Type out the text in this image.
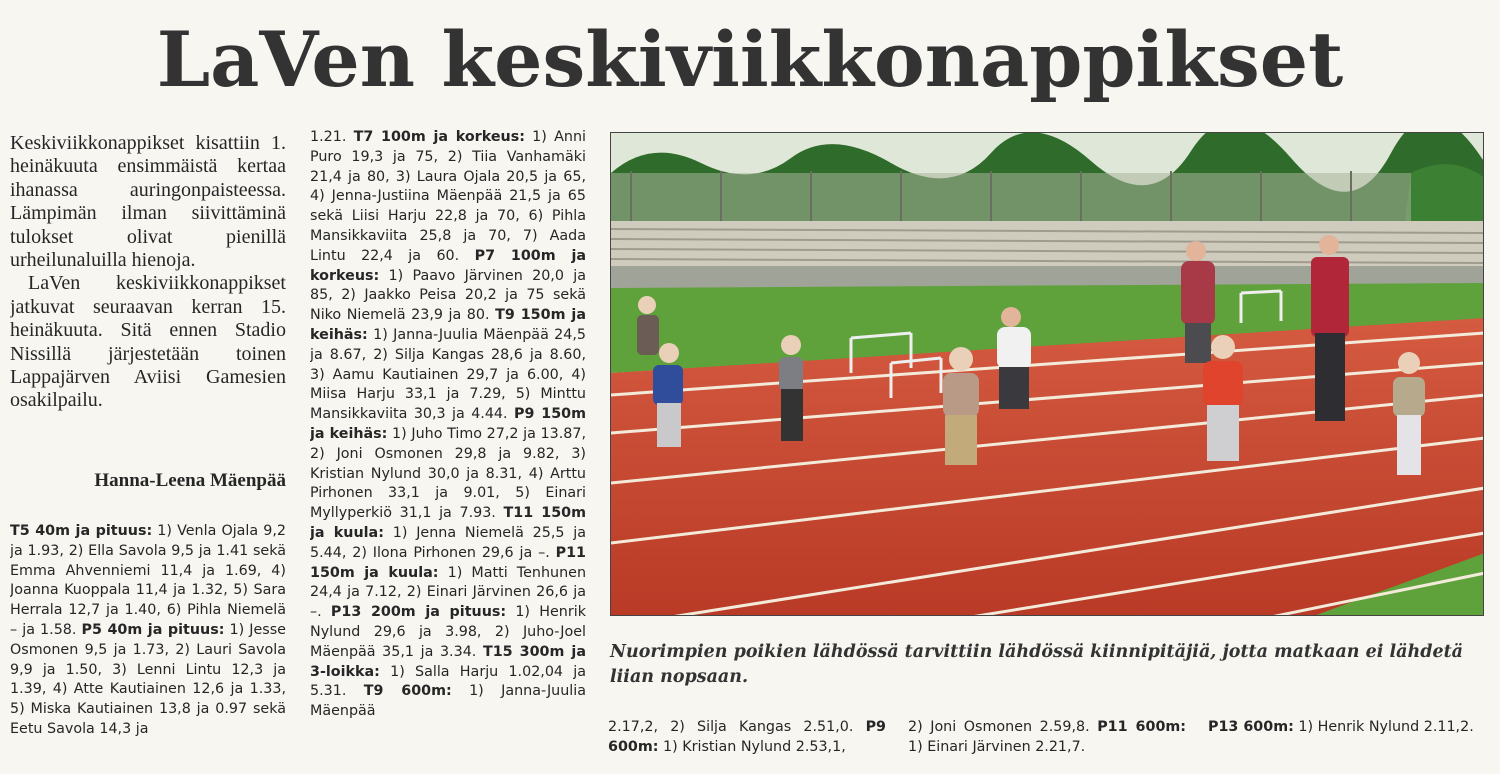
LaVen keskiviikkonappikset

Keskiviikkonappikset kisattiin 1. heinäkuuta ensimmäistä kertaa ihanassa auringonpaisteessa. Lämpimän ilman siivittäminä tulokset olivat pienillä urheilunaluilla hienoja.

LaVen keskiviikkonappikset jatkuvat seuraavan kerran 15. heinäkuuta. Sitä ennen Stadio Nissillä järjestetään toinen Lappajärven Aviisi Gamesien osakilpailu.

Hanna-Leena Mäenpää
T5 40m ja pituus: 1) Venla Ojala 9,2 ja 1.93, 2) Ella Savola 9,5 ja 1.41 sekä Emma Ahvenniemi 11,4 ja 1.69, 4) Joanna Kuoppala 11,4 ja 1.32, 5) Sara Herrala 12,7 ja 1.40, 6) Pihla Niemelä – ja 1.58. P5 40m ja pituus: 1) Jesse Osmonen 9,5 ja 1.73, 2) Lauri Savola 9,9 ja 1.50, 3) Lenni Lintu 12,3 ja 1.39, 4) Atte Kautiainen 12,6 ja 1.33, 5) Miska Kautiainen 13,8 ja 0.97 sekä Eetu Savola 14,3 ja
1.21. T7 100m ja korkeus: 1) Anni Puro 19,3 ja 75, 2) Tiia Vanhamäki 21,4 ja 80, 3) Laura Ojala 20,5 ja 65, 4) Jenna-Justiina Mäenpää 21,5 ja 65 sekä Liisi Harju 22,8 ja 70, 6) Pihla Mansikkaviita 25,8 ja 70, 7) Aada Lintu 22,4 ja 60. P7 100m ja korkeus: 1) Paavo Järvinen 20,0 ja 85, 2) Jaakko Peisa 20,2 ja 75 sekä Niko Niemelä 23,9 ja 80. T9 150m ja keihäs: 1) Janna-Juulia Mäenpää 24,5 ja 8.67, 2) Silja Kangas 28,6 ja 8.60, 3) Aamu Kautiainen 29,7 ja 6.00, 4) Miisa Harju 33,1 ja 7.29, 5) Minttu Mansikkaviita 30,3 ja 4.44. P9 150m ja keihäs: 1) Juho Timo 27,2 ja 13.87, 2) Joni Osmonen 29,8 ja 9.82, 3) Kristian Nylund 30,0 ja 8.31, 4) Arttu Pirhonen 33,1 ja 9.01, 5) Einari Myllyperkiö 31,1 ja 7.93. T11 150m ja kuula: 1) Jenna Niemelä 25,5 ja 5.44, 2) Ilona Pirhonen 29,6 ja –. P11 150m ja kuula: 1) Matti Tenhunen 24,4 ja 7.12, 2) Einari Järvinen 26,6 ja –. P13 200m ja pituus: 1) Henrik Nylund 29,6 ja 3.98, 2) Juho-Joel Mäenpää 35,1 ja 3.34. T15 300m ja 3-loikka: 1) Salla Harju 1.02,04 ja 5.31. T9 600m: 1) Janna-Juulia Mäenpää
2.17,2, 2) Silja Kangas 2.51,0. P9 600m: 1) Kristian Nylund 2.53,1,
2) Joni Osmonen 2.59,8. P11 600m: 1) Einari Järvinen 2.21,7.
P13 600m: 1) Henrik Nylund 2.11,2.
Nuorimpien poikien lähdössä tarvittiin lähdössä kiinnipitäjiä, jotta matkaan ei lähdetä liian nopsaan.
